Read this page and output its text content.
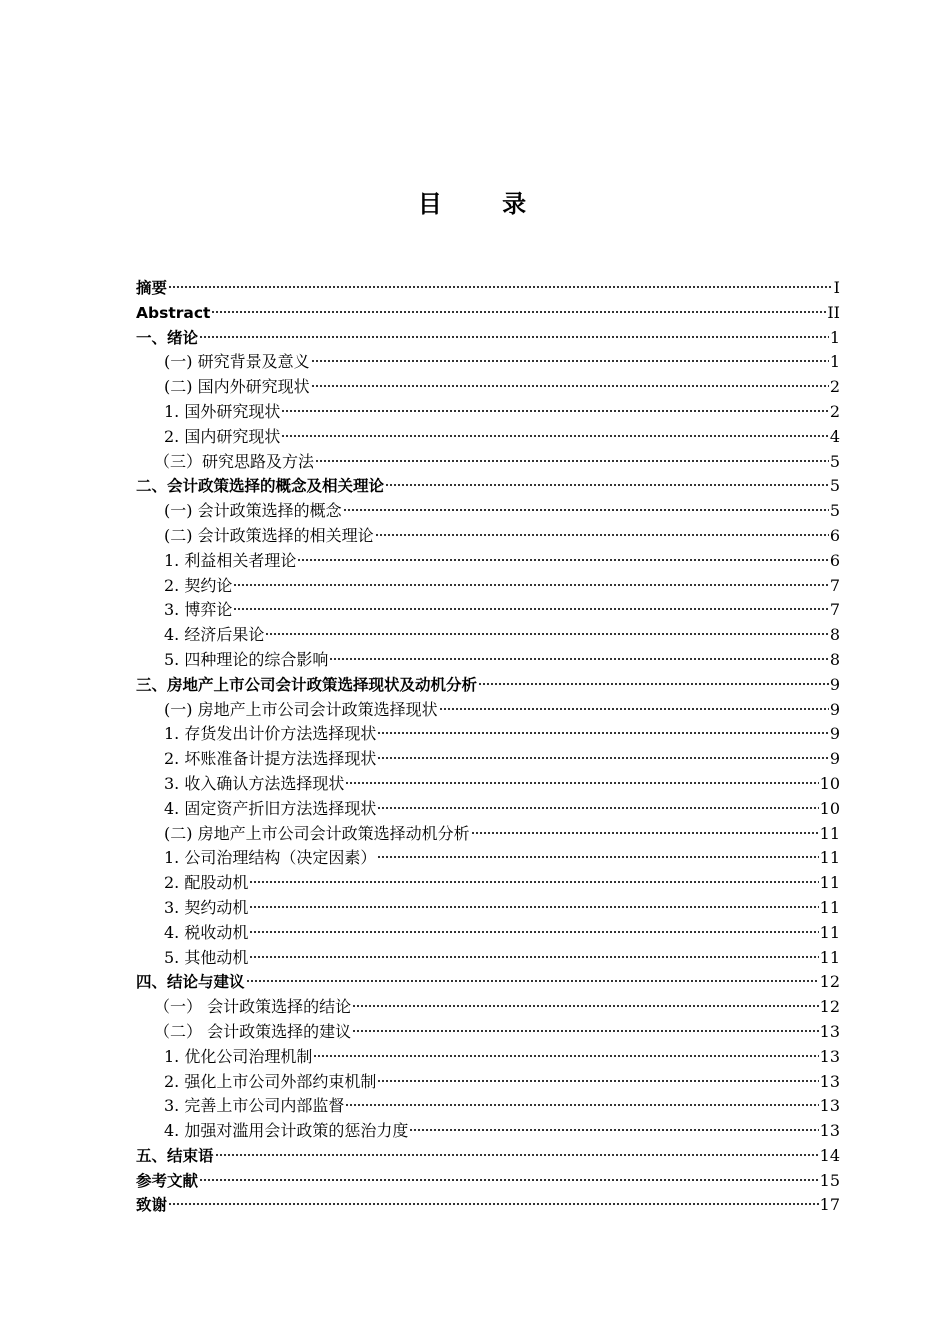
目 录
摘要	I
Abstract	II
一、绪论	1
(一) 研究背景及意义	1
(二) 国内外研究现状	2
1. 国外研究现状	2
2. 国内研究现状	4
（三）研究思路及方法	5
二、会计政策选择的概念及相关理论	5
(一) 会计政策选择的概念	5
(二) 会计政策选择的相关理论	6
1. 利益相关者理论	6
2. 契约论	7
3. 博弈论	7
4. 经济后果论	8
5. 四种理论的综合影响	8
三、房地产上市公司会计政策选择现状及动机分析	9
(一) 房地产上市公司会计政策选择现状	9
1. 存货发出计价方法选择现状	9
2. 坏账准备计提方法选择现状	9
3. 收入确认方法选择现状	10
4. 固定资产折旧方法选择现状	10
(二) 房地产上市公司会计政策选择动机分析	11
1. 公司治理结构（决定因素）	11
2. 配股动机	11
3. 契约动机	11
4. 税收动机	11
5. 其他动机	11
四、结论与建议	12
（一） 会计政策选择的结论	12
（二） 会计政策选择的建议	13
1. 优化公司治理机制	13
2. 强化上市公司外部约束机制	13
3. 完善上市公司内部监督	13
4. 加强对滥用会计政策的惩治力度	13
五、结束语	14
参考文献	15
致谢	17
